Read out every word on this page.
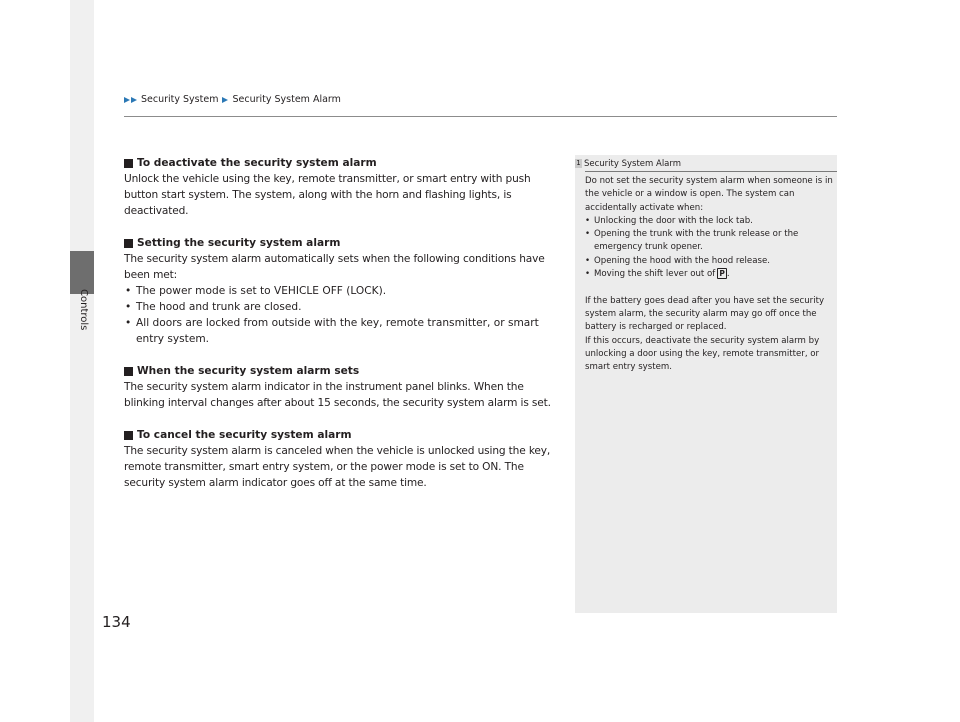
Security System Security System Alarm
Controls
134
To deactivate the security system alarm

Unlock the vehicle using the key, remote transmitter, or smart entry with push button start system. The system, along with the horn and flashing lights, is deactivated.

Setting the security system alarm

The security system alarm automatically sets when the following conditions have been met:

• The power mode is set to VEHICLE OFF (LOCK).
• The hood and trunk are closed.
• All doors are locked from outside with the key, remote transmitter, or smart entry system.
When the security system alarm sets

The security system alarm indicator in the instrument panel blinks. When the blinking interval changes after about 15 seconds, the security system alarm is set.

To cancel the security system alarm

The security system alarm is canceled when the vehicle is unlocked using the key, remote transmitter, smart entry system, or the power mode is set to ON. The security system alarm indicator goes off at the same time.

1 Security System Alarm

Do not set the security system alarm when someone is in the vehicle or a window is open. The system can accidentally activate when:

• Unlocking the door with the lock tab.
• Opening the trunk with the trunk release or the emergency trunk opener.
• Opening the hood with the hood release.
• Moving the shift lever out of P .

If the battery goes dead after you have set the security system alarm, the security alarm may go off once the battery is recharged or replaced.

If this occurs, deactivate the security system alarm by unlocking a door using the key, remote transmitter, or smart entry system.
